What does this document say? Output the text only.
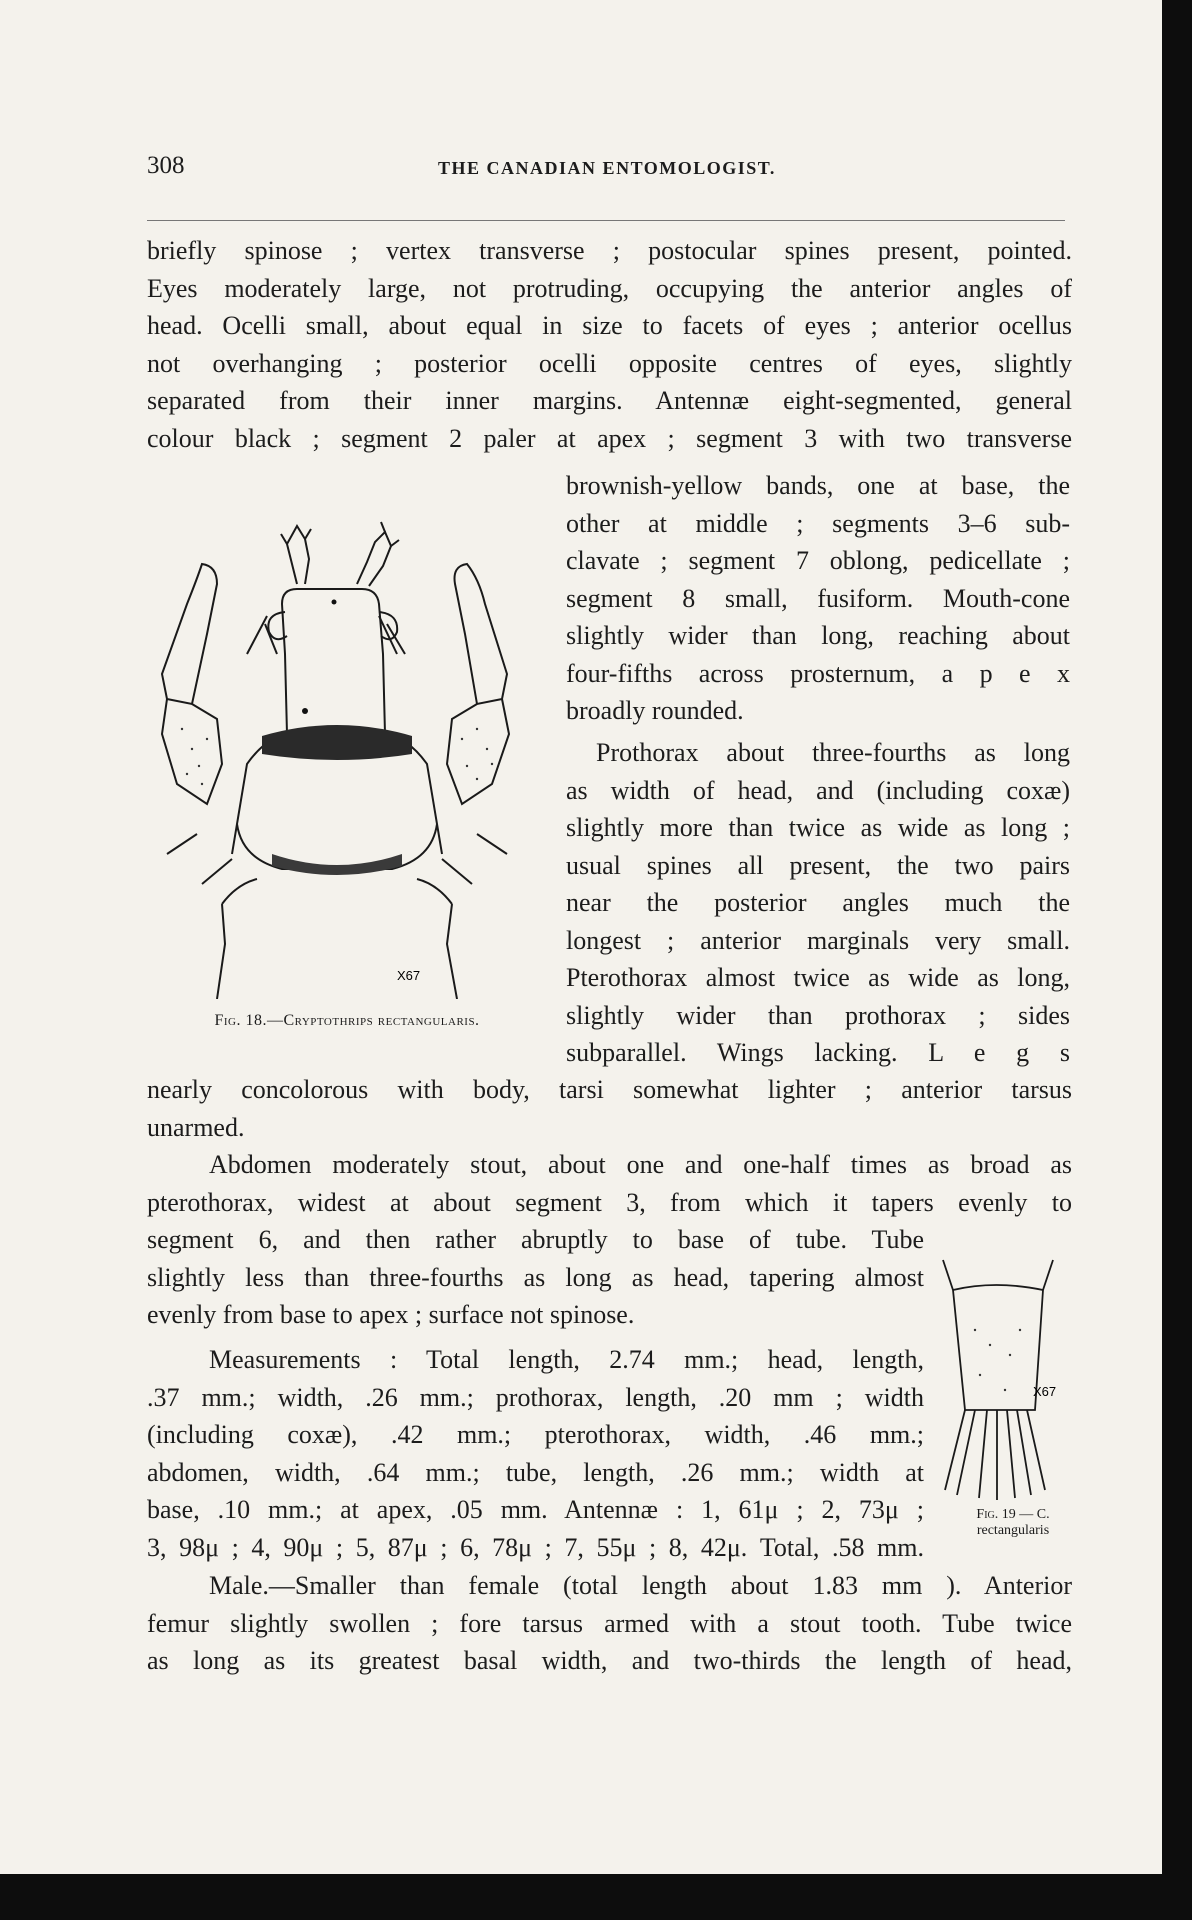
308	THE CANADIAN ENTOMOLOGIST.
briefly spinose ; vertex transverse ; postocular spines present, pointed.
Eyes moderately large, not protruding, occupying the anterior angles of
head. Ocelli small, about equal in size to facets of eyes ; anterior ocellus
not overhanging ; posterior ocelli opposite centres of eyes, slightly
separated from their inner margins. Antennæ eight-segmented, general
colour black ; segment 2 paler at apex ; segment 3 with two transverse
brownish-yellow bands, one at base, the
other at middle ; segments 3–6 sub-
clavate ; segment 7 oblong, pedicellate ;
segment 8 small, fusiform. Mouth-cone
slightly wider than long, reaching about
four-fifths across prosternum, a p e x
broadly rounded.
Prothorax about three-fourths as long
as width of head, and (including coxæ)
slightly more than twice as wide as long ;
usual spines all present, the two pairs
near the posterior angles much the
longest ; anterior marginals very small.
Pterothorax almost twice as wide as long,
slightly wider than prothorax ; sides
subparallel. Wings lacking. L e g s
nearly concolorous with body, tarsi somewhat lighter ; anterior tarsus
unarmed.
Abdomen moderately stout, about one and one-half times as broad as
pterothorax, widest at about segment 3, from which it tapers evenly to
segment 6, and then rather abruptly to base of tube. Tube
slightly less than three-fourths as long as head, tapering almost
evenly from base to apex ; surface not spinose.
Measurements : Total length, 2.74 mm.; head, length,
.37 mm.; width, .26 mm.; prothorax, length, .20 mm ; width
(including coxæ), .42 mm.; pterothorax, width, .46 mm.;
abdomen, width, .64 mm.; tube, length, .26 mm.; width at
base, .10 mm.; at apex, .05 mm. Antennæ : 1, 61μ ; 2, 73μ ;
3, 98μ ; 4, 90μ ; 5, 87μ ; 6, 78μ ; 7, 55μ ; 8, 42μ. Total, .58 mm.
Male.—Smaller than female (total length about 1.83 mm ). Anterior
femur slightly swollen ; fore tarsus armed with a stout tooth. Tube twice
as long as its greatest basal width, and two-thirds the length of head,
X67
Fig. 18.—Cryptothrips rectangularis.
X67
Fig. 19 — C.
rectangularis
